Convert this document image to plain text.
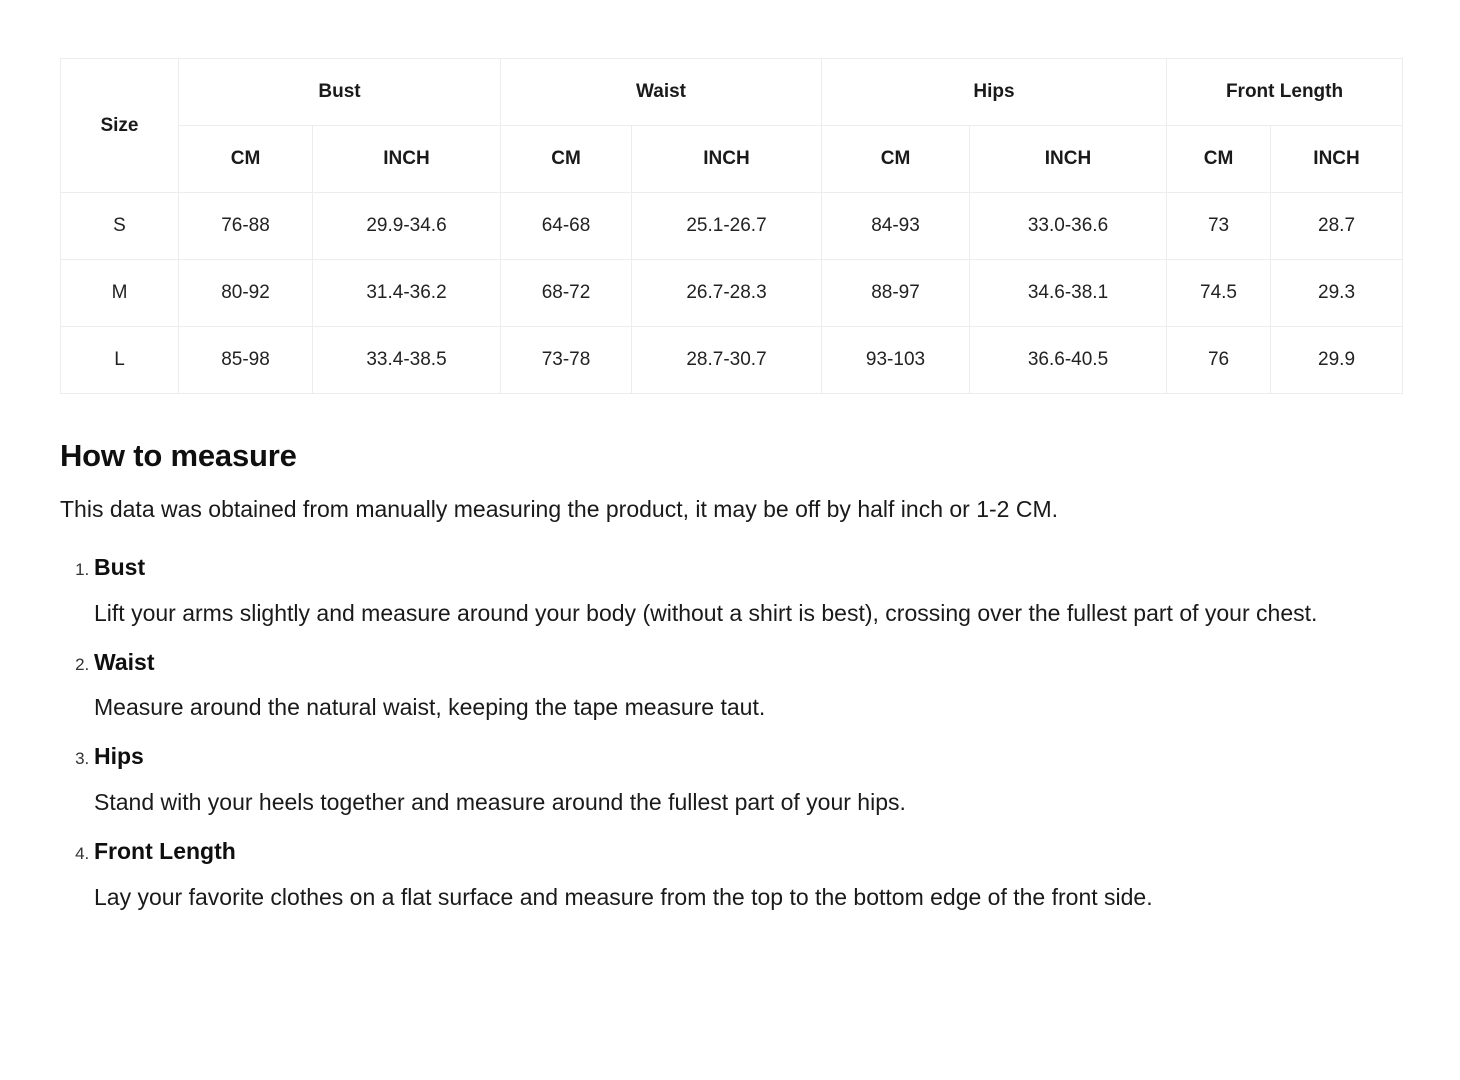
Size	Bust		Waist		Hips		Front Length	
	CM	INCH	CM	INCH	CM	INCH	CM	INCH
S	76-88	29.9-34.6	64-68	25.1-26.7	84-93	33.0-36.6	73	28.7
M	80-92	31.4-36.2	68-72	26.7-28.3	88-97	34.6-38.1	74.5	29.3
L	85-98	33.4-38.5	73-78	28.7-30.7	93-103	36.6-40.5	76	29.9
How to measure

This data was obtained from manually measuring the product, it may be off by half inch or 1-2 CM.

1. Bust
Lift your arms slightly and measure around your body (without a shirt is best), crossing over the fullest part of your chest.
2. Waist
Measure around the natural waist, keeping the tape measure taut.
3. Hips
Stand with your heels together and measure around the fullest part of your hips.
4. Front Length
Lay your favorite clothes on a flat surface and measure from the top to the bottom edge of the front side.
